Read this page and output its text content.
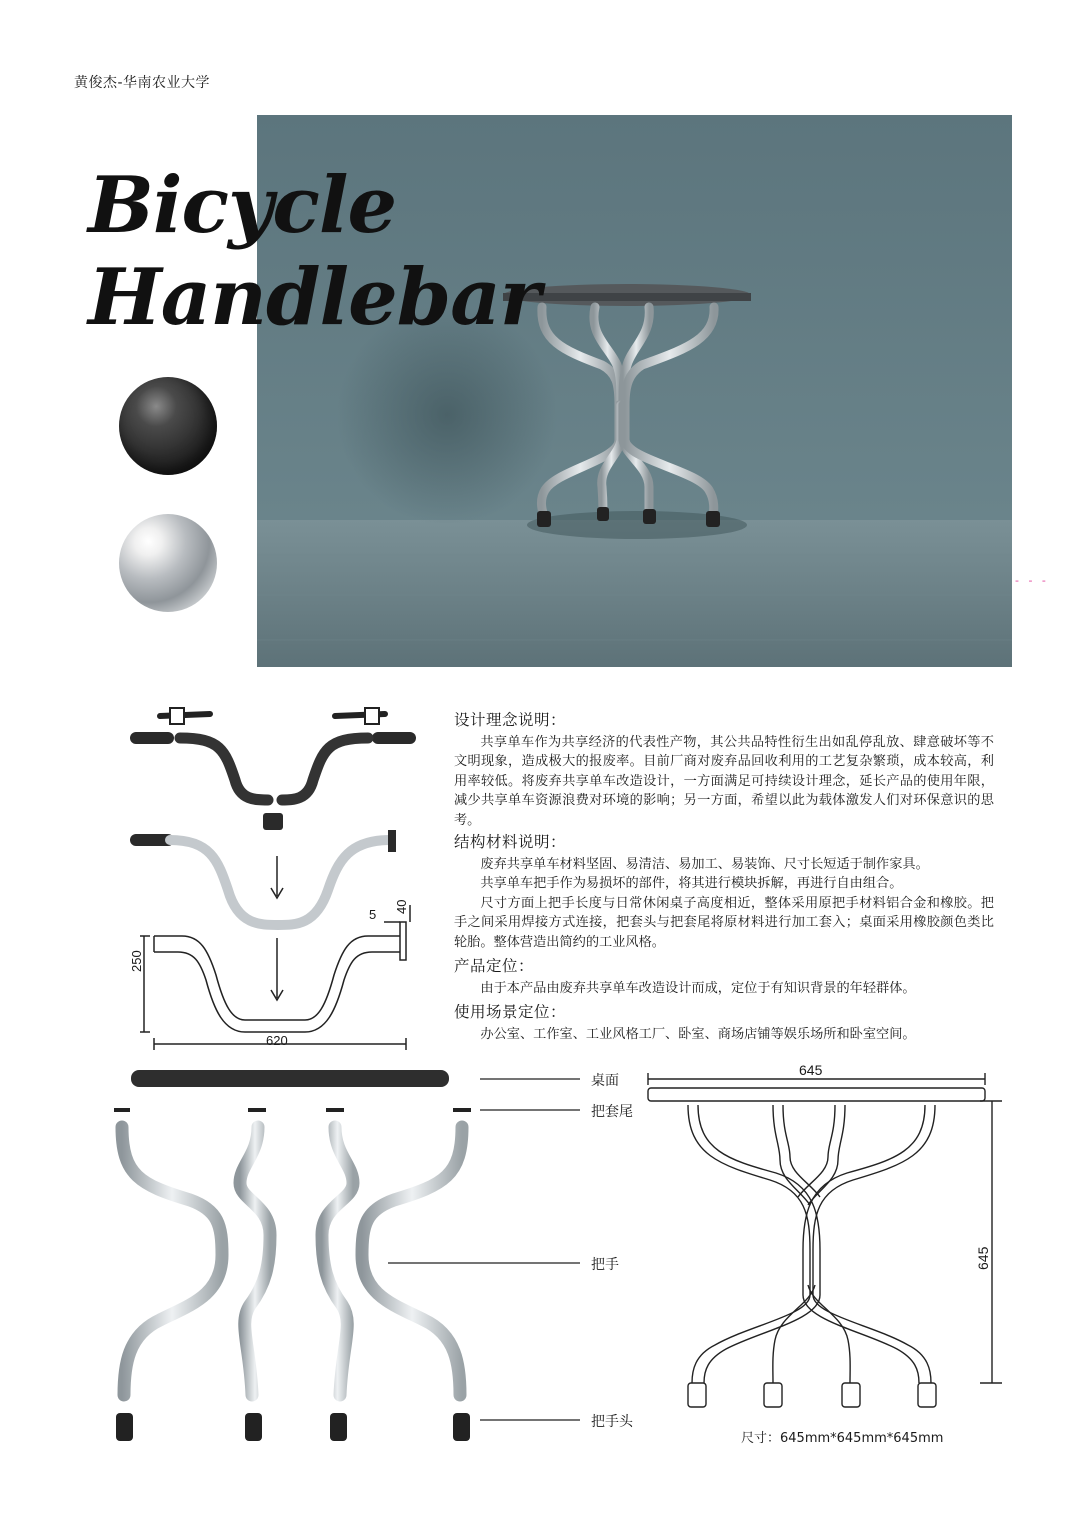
黄俊杰-华南农业大学
Bicycle
Handlebar
- - -
250
620
5
40
设计理念说明：

共享单车作为共享经济的代表性产物，其公共品特性衍生出如乱停乱放、肆意破坏等不文明现象，造成极大的报废率。目前厂商对废弃品回收利用的工艺复杂繁琐，成本较高，利用率较低。将废弃共享单车改造设计，一方面满足可持续设计理念，延长产品的使用年限，减少共享单车资源浪费对环境的影响；另一方面，希望以此为载体激发人们对环保意识的思考。

结构材料说明：

废弃共享单车材料坚固、易清洁、易加工、易装饰、尺寸长短适于制作家具。

共享单车把手作为易损坏的部件，将其进行模块拆解，再进行自由组合。

尺寸方面上把手长度与日常休闲桌子高度相近，整体采用原把手材料铝合金和橡胶。把手之间采用焊接方式连接，把套头与把套尾将原材料进行加工套入；桌面采用橡胶颜色类比轮胎。整体营造出简约的工业风格。

产品定位：

由于本产品由废弃共享单车改造设计而成，定位于有知识背景的年轻群体。

使用场景定位：

办公室、工作室、工业风格工厂、卧室、商场店铺等娱乐场所和卧室空间。

桌面
把套尾
把手
把手头
645
645
尺寸：645mm*645mm*645mm
